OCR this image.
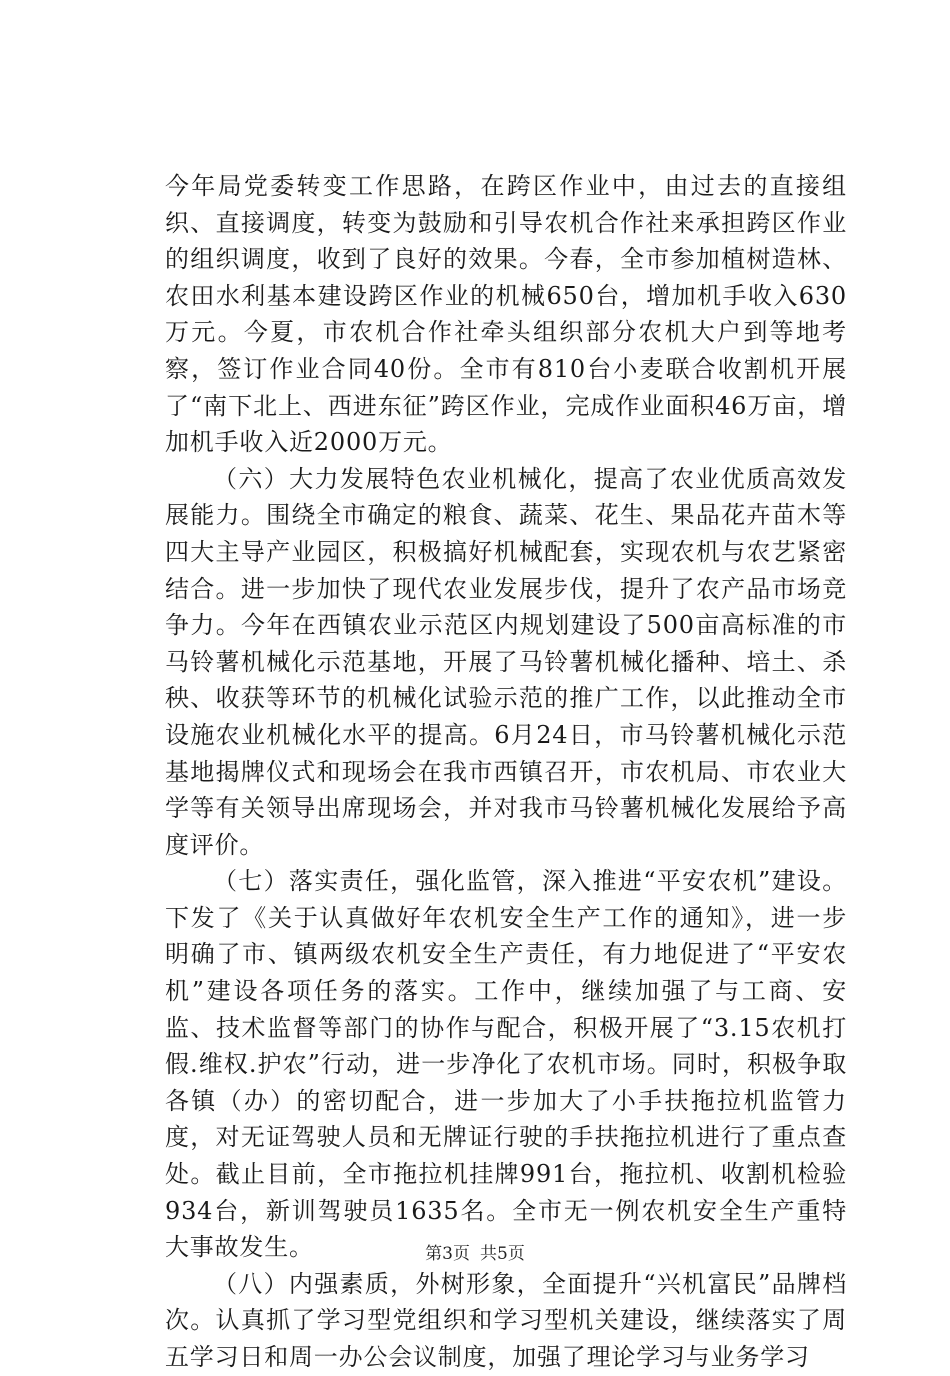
今年局党委转变工作思路，在跨区作业中，由过去的直接组织、直接调度，转变为鼓励和引导农机合作社来承担跨区作业的组织调度，收到了良好的效果。今春，全市参加植树造林、农田水利基本建设跨区作业的机械650台，增加机手收入630万元。今夏，市农机合作社牵头组织部分农机大户到等地考察，签订作业合同40份。全市有810台小麦联合收割机开展了“南下北上、西进东征”跨区作业，完成作业面积46万亩，增加机手收入近2000万元。

（六）大力发展特色农业机械化，提高了农业优质高效发展能力。围绕全市确定的粮食、蔬菜、花生、果品花卉苗木等四大主导产业园区，积极搞好机械配套，实现农机与农艺紧密结合。进一步加快了现代农业发展步伐，提升了农产品市场竞争力。今年在西镇农业示范区内规划建设了500亩高标准的市马铃薯机械化示范基地，开展了马铃薯机械化播种、培土、杀秧、收获等环节的机械化试验示范的推广工作，以此推动全市设施农业机械化水平的提高。6月24日，市马铃薯机械化示范基地揭牌仪式和现场会在我市西镇召开，市农机局、市农业大学等有关领导出席现场会，并对我市马铃薯机械化发展给予高度评价。

（七）落实责任，强化监管，深入推进“平安农机”建设。下发了《关于认真做好年农机安全生产工作的通知》，进一步明确了市、镇两级农机安全生产责任，有力地促进了“平安农机”建设各项任务的落实。工作中，继续加强了与工商、安监、技术监督等部门的协作与配合，积极开展了“3.15农机打假.维权.护农”行动，进一步净化了农机市场。同时，积极争取各镇（办）的密切配合，进一步加大了小手扶拖拉机监管力度，对无证驾驶人员和无牌证行驶的手扶拖拉机进行了重点查处。截止目前，全市拖拉机挂牌991台，拖拉机、收割机检验934台，新训驾驶员1635名。全市无一例农机安全生产重特大事故发生。

（八）内强素质，外树形象，全面提升“兴机富民”品牌档次。认真抓了学习型党组织和学习型机关建设，继续落实了周五学习日和周一办公会议制度，加强了理论学习与业务学习

第3页 共5页
